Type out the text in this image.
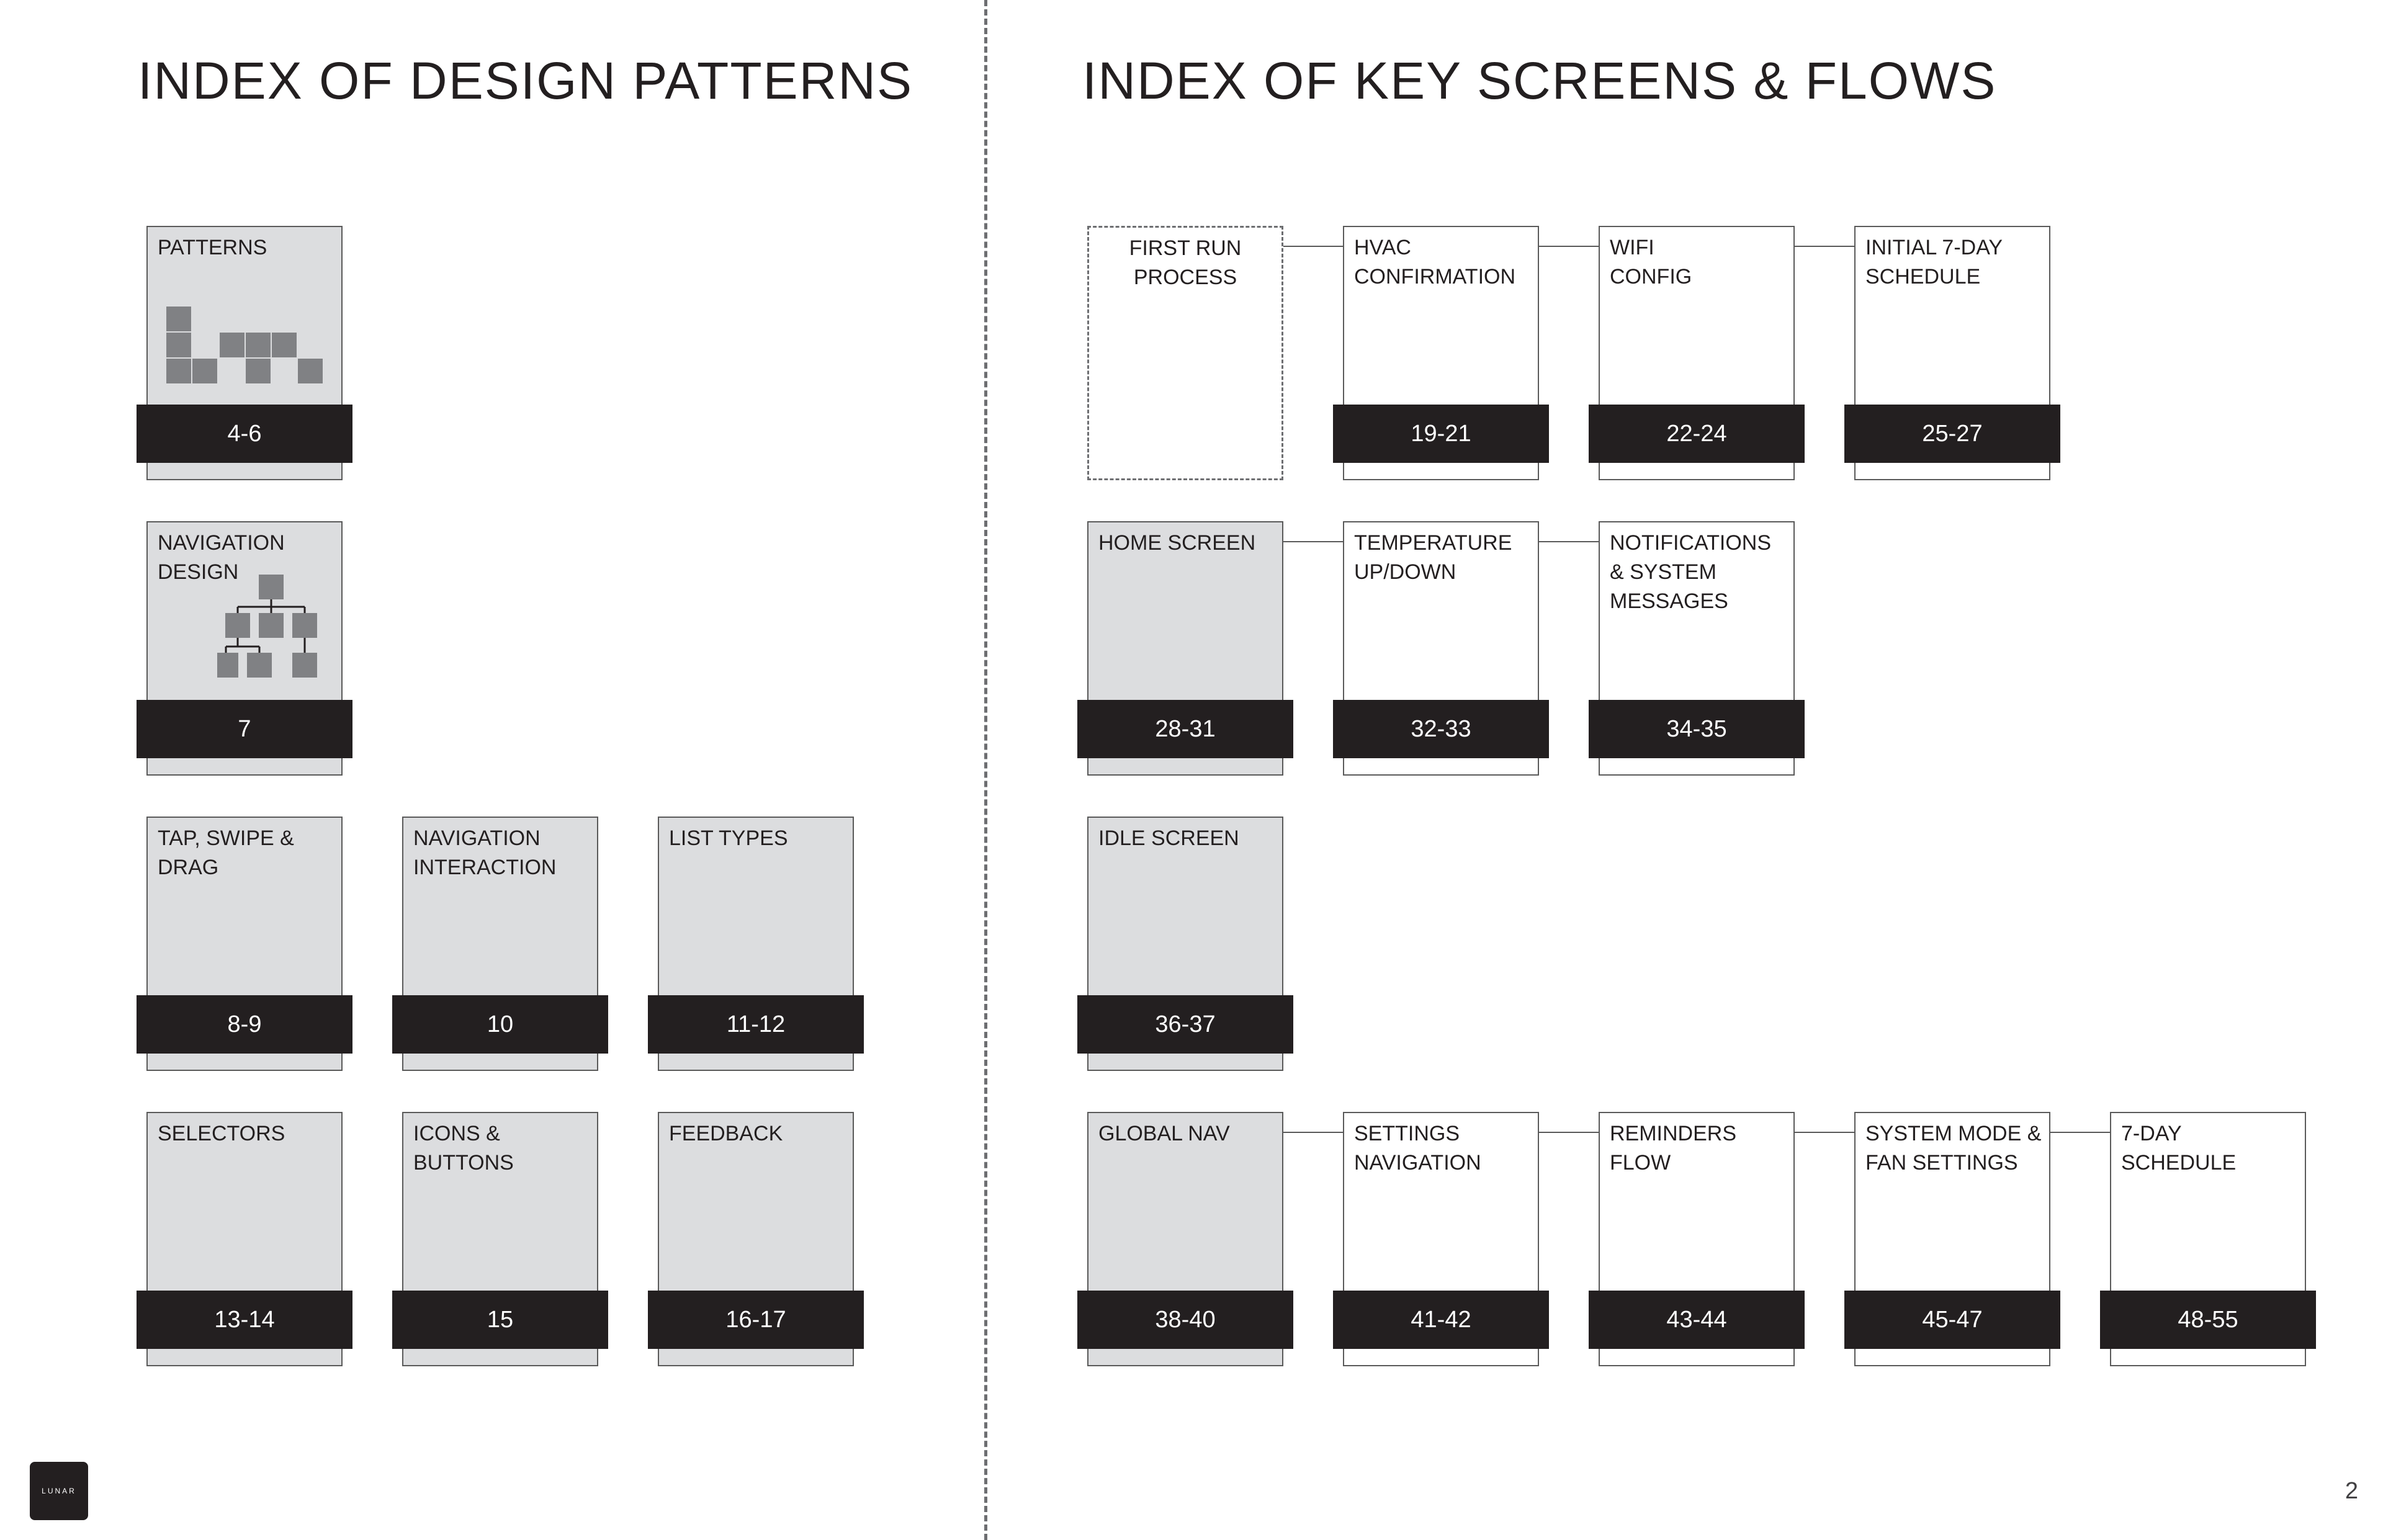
INDEX OF DESIGN PATTERNS	INDEX OF KEY SCREENS & FLOWS
PATTERNS
4-6
NAVIGATION
DESIGN
7
TAP, SWIPE &
DRAG
8-9
NAVIGATION
INTERACTION
10
LIST TYPES
11-12
SELECTORS
13-14
ICONS &
BUTTONS
15
FEEDBACK
16-17
FIRST RUN
PROCESS
HVAC
CONFIRMATION
19-21
WIFI
CONFIG
22-24
INITIAL 7-DAY
SCHEDULE
25-27
HOME SCREEN
28-31
TEMPERATURE
UP/DOWN
32-33
NOTIFICATIONS
& SYSTEM
MESSAGES
34-35
IDLE SCREEN
36-37
GLOBAL NAV
38-40
SETTINGS
NAVIGATION
41-42
REMINDERS
FLOW
43-44
SYSTEM MODE &
FAN SETTINGS
45-47
7-DAY SCHEDULE
48-55
LUNAR	2
